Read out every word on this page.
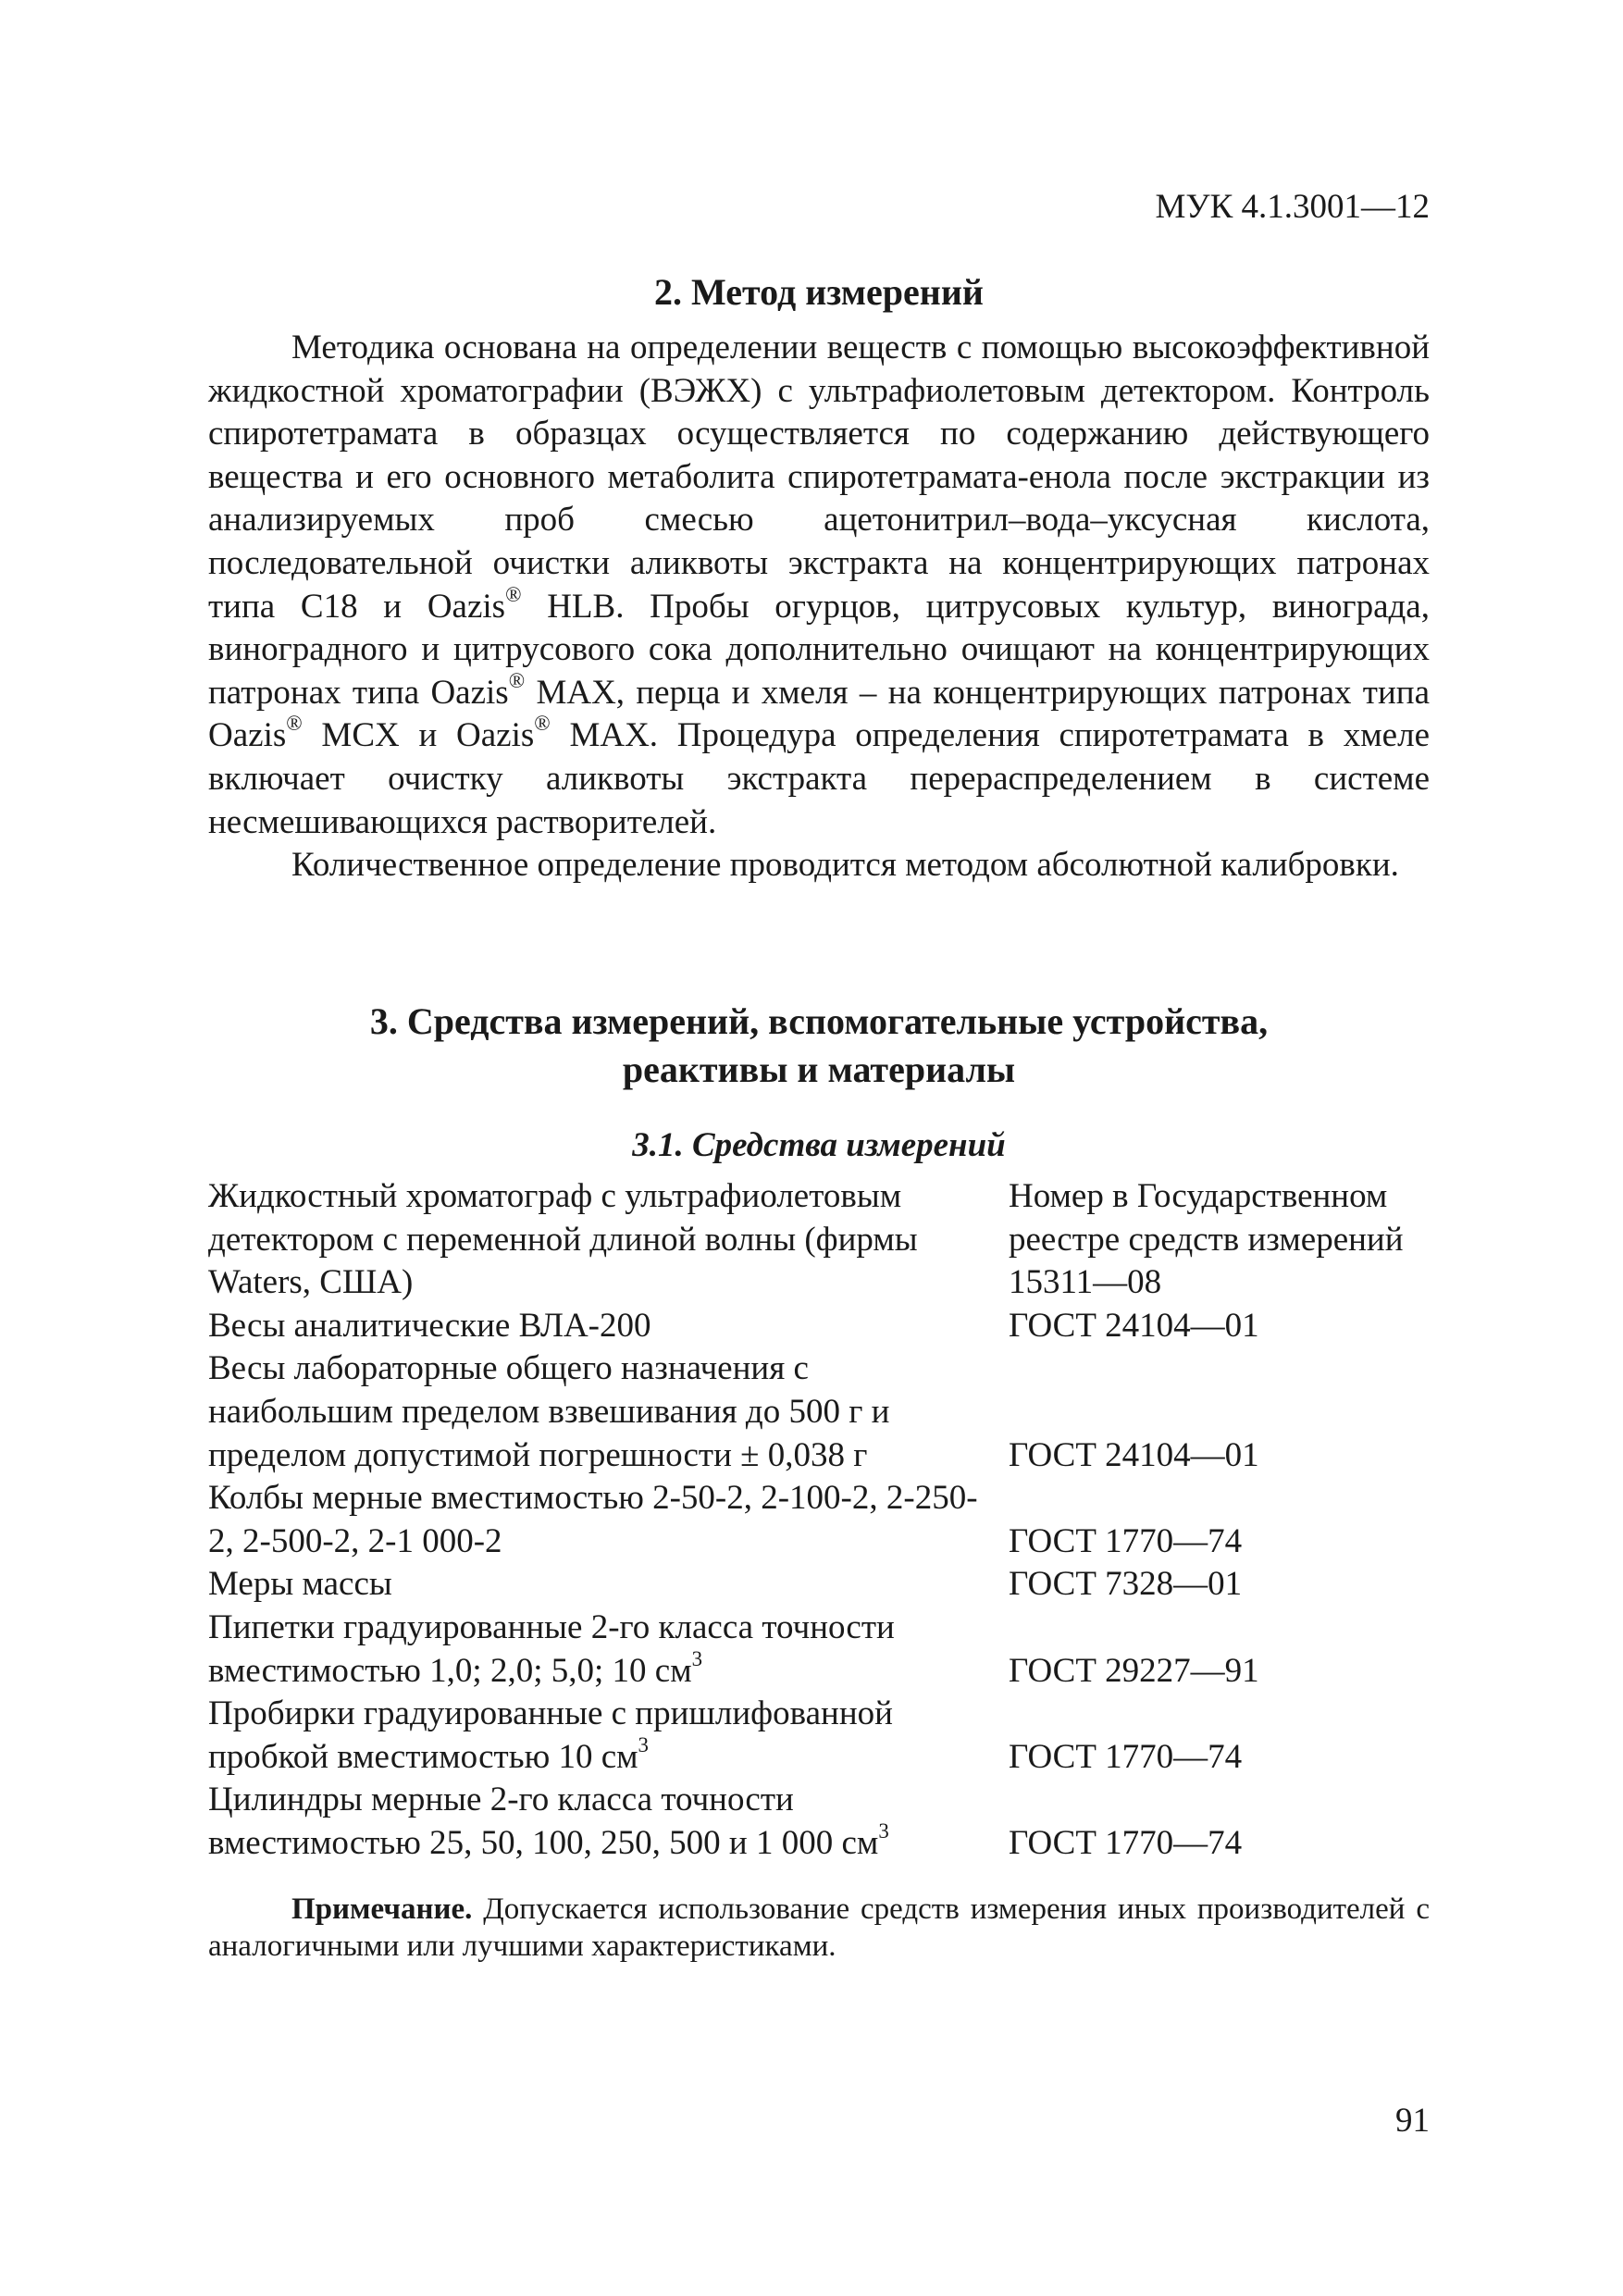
МУК 4.1.3001—12
2. Метод измерений

Методика основана на определении веществ с помощью высокоэффективной жидкостной хроматографии (ВЭЖХ) с ультрафиолетовым детектором. Контроль спиротетрамата в образцах осуществляется по содержанию действующего вещества и его основного метаболита спиротетрамата-енола после экстракции из анализируемых проб смесью ацетонитрил–вода–уксусная кислота, последовательной очистки аликвоты экстракта на концентрирующих патронах типа C18 и Oazis® HLB. Пробы огурцов, цитрусовых культур, винограда, виноградного и цитрусового сока дополнительно очищают на концентрирующих патронах типа Oazis® MAX, перца и хмеля – на концентрирующих патронах типа Oazis® MCX и Oazis® MAX. Процедура определения спиротетрамата в хмеле включает очистку аликвоты экстракта перераспределением в системе несмешивающихся растворителей.

Количественное определение проводится методом абсолютной калибровки.

3. Средства измерений, вспомогательные устройства,
реактивы и материалы
3.1. Средства измерений
Жидкостный хроматограф с ультрафиолетовым детектором с переменной длиной волны (фирмы Waters, США)	Номер в Государственном реестре средств измерений 15311—08
Весы аналитические ВЛА-200	ГОСТ 24104—01
Весы лабораторные общего назначения с наибольшим пределом взвешивания до 500 г и пределом допустимой погрешности ± 0,038 г	ГОСТ 24104—01
Колбы мерные вместимостью 2-50-2, 2-100-2, 2-250-2, 2-500-2, 2-1 000-2	ГОСТ 1770—74
Меры массы	ГОСТ 7328—01
Пипетки градуированные 2-го класса точности вместимостью 1,0; 2,0; 5,0; 10 $см^3$	ГОСТ 29227—91
Пробирки градуированные с пришлифованной пробкой вместимостью 10 $см^3$	ГОСТ 1770—74
Цилиндры мерные 2-го класса точности вместимостью 25, 50, 100, 250, 500 и 1 000 $см^3$	ГОСТ 1770—74

Примечание. Допускается использование средств измерения иных производителей с аналогичными или лучшими характеристиками.

91
